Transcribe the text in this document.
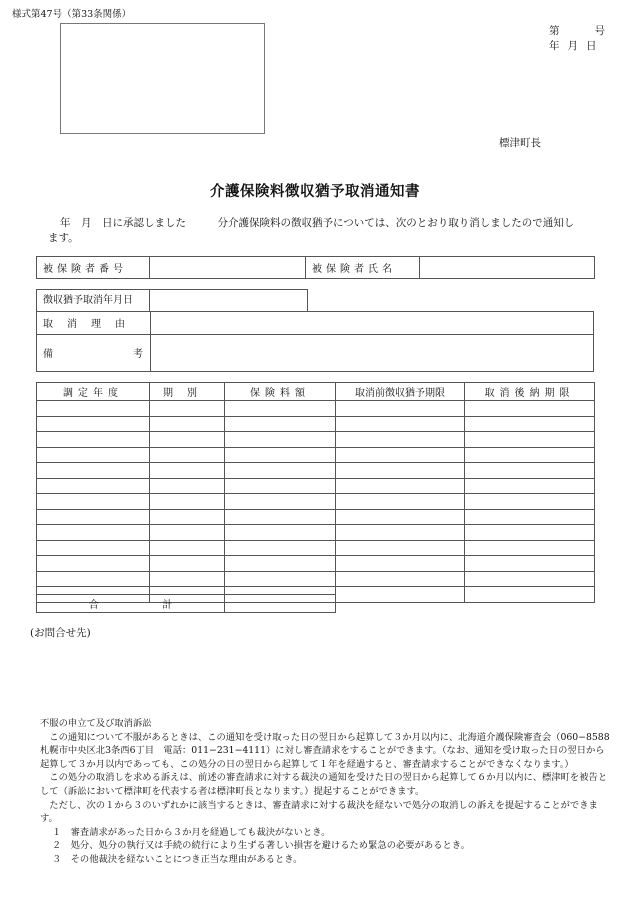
様式第47号（第33条関係）
第	号
年 月 日
標津町長
介護保険料徴収猶予取消通知書
年　月　日に承認しました　　　分介護保険料の徴収猶予については、次のとおり取り消しましたので通知し
ます。
被保険者番号		被保険者氏名	
徴収猶予取消年月日
取消理由
備	考
調定年度	期別	保険料額	取消前徴収猶予期限	取消後納期限

合	計

(お問合せ先)

不服の申立て及び取消訴訟

この通知について不服があるときは、この通知を受け取った日の翌日から起算して３か月以内に、北海道介護保険審査会（060−8588　札幌市中央区北3条西6丁目　電話：011−231−4111）に対し審査請求をすることができます。（なお、通知を受け取った日の翌日から起算して３か月以内であっても、この処分の日の翌日から起算して１年を経過すると、審査請求することができなくなります。）

この処分の取消しを求める訴えは、前述の審査請求に対する裁決の通知を受けた日の翌日から起算して６か月以内に、標津町を被告として（訴訟において標津町を代表する者は標津町長となります。）提起することができます。

ただし、次の１から３のいずれかに該当するときは、審査請求に対する裁決を経ないで処分の取消しの訴えを提起することができます。

１　審査請求があった日から３か月を経過しても裁決がないとき。

２　処分、処分の執行又は手続の続行により生ずる著しい損害を避けるため緊急の必要があるとき。

３　その他裁決を経ないことにつき正当な理由があるとき。
